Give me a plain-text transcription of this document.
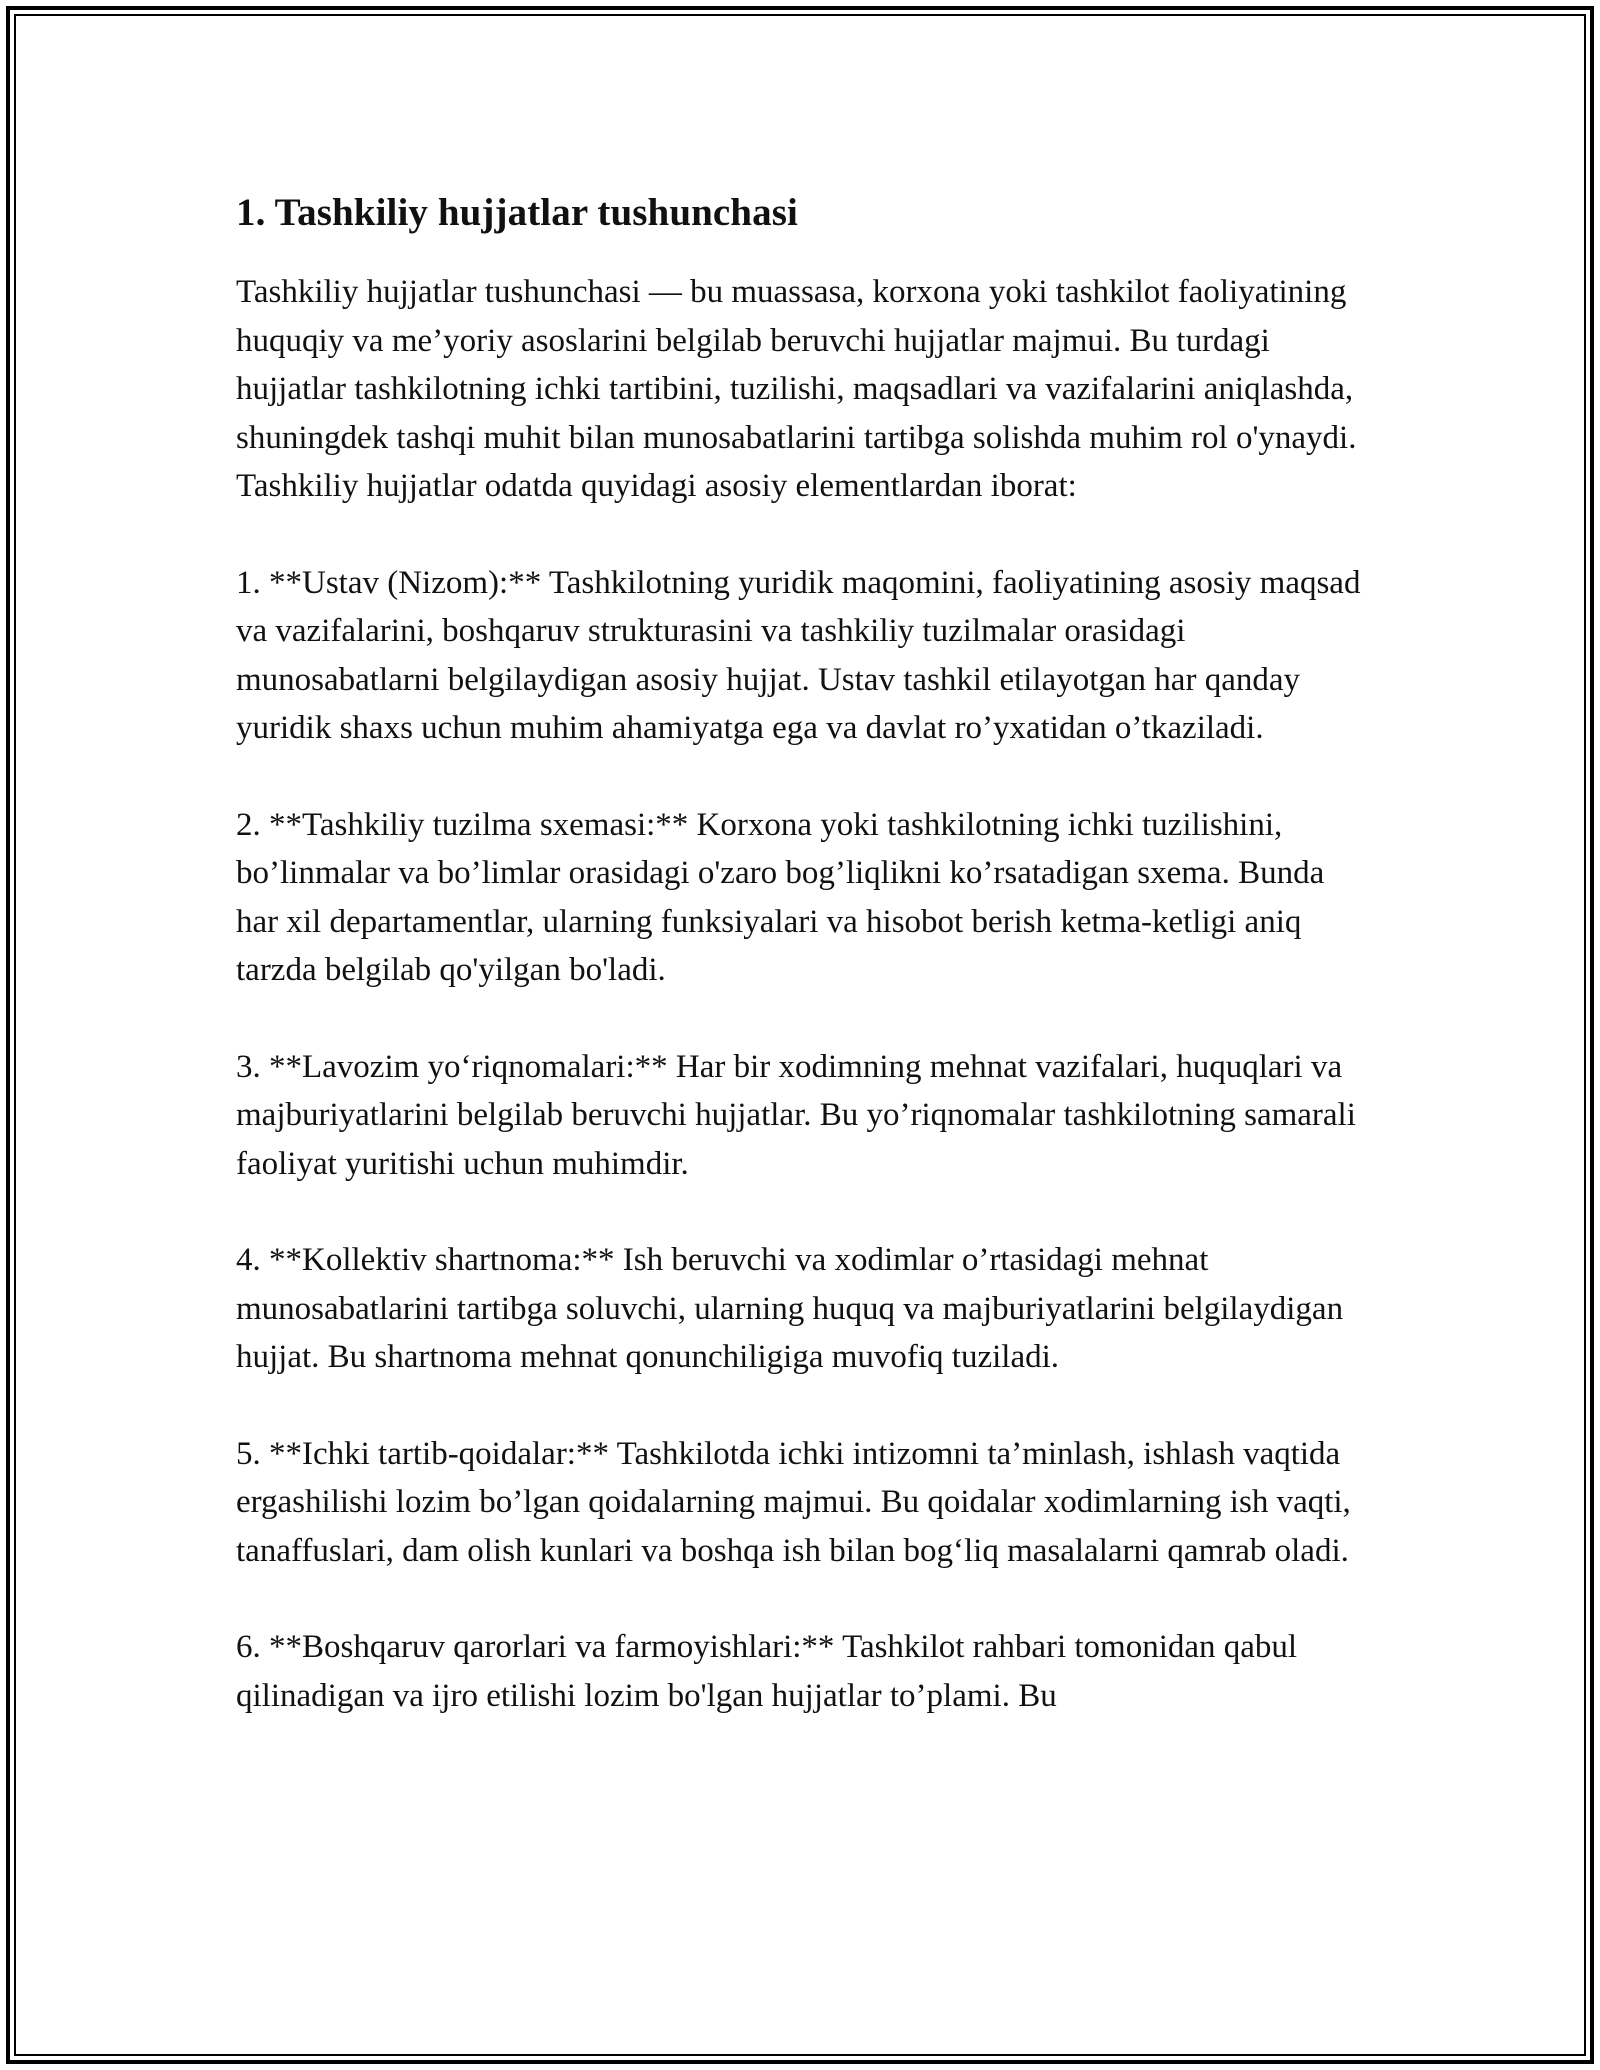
1. Tashkiliy hujjatlar tushunchasi

Tashkiliy hujjatlar tushunchasi — bu muassasa, korxona yoki tashkilot faoliyatining huquqiy va me’yoriy asoslarini belgilab beruvchi hujjatlar majmui. Bu turdagi hujjatlar tashkilotning ichki tartibini, tuzilishi, maqsadlari va vazifalarini aniqlashda, shuningdek tashqi muhit bilan munosabatlarini tartibga solishda muhim rol o'ynaydi. Tashkiliy hujjatlar odatda quyidagi asosiy elementlardan iborat:

1. **Ustav (Nizom):** Tashkilotning yuridik maqomini, faoliyatining asosiy maqsad va vazifalarini, boshqaruv strukturasini va tashkiliy tuzilmalar orasidagi munosabatlarni belgilaydigan asosiy hujjat. Ustav tashkil etilayotgan har qanday yuridik shaxs uchun muhim ahamiyatga ega va davlat ro’yxatidan o’tkaziladi.

2. **Tashkiliy tuzilma sxemasi:** Korxona yoki tashkilotning ichki tuzilishini, bo’linmalar va bo’limlar orasidagi o'zaro bog’liqlikni ko’rsatadigan sxema. Bunda har xil departamentlar, ularning funksiyalari va hisobot berish ketma-ketligi aniq tarzda belgilab qo'yilgan bo'ladi.

3. **Lavozim yo‘riqnomalari:** Har bir xodimning mehnat vazifalari, huquqlari va majburiyatlarini belgilab beruvchi hujjatlar. Bu yo’riqnomalar tashkilotning samarali faoliyat yuritishi uchun muhimdir.

4. **Kollektiv shartnoma:** Ish beruvchi va xodimlar o’rtasidagi mehnat munosabatlarini tartibga soluvchi, ularning huquq va majburiyatlarini belgilaydigan hujjat. Bu shartnoma mehnat qonunchiligiga muvofiq tuziladi.

5. **Ichki tartib-qoidalar:** Tashkilotda ichki intizomni ta’minlash, ishlash vaqtida ergashilishi lozim bo’lgan qoidalarning majmui. Bu qoidalar xodimlarning ish vaqti, tanaffuslari, dam olish kunlari va boshqa ish bilan bog‘liq masalalarni qamrab oladi.

6. **Boshqaruv qarorlari va farmoyishlari:** Tashkilot rahbari tomonidan qabul qilinadigan va ijro etilishi lozim bo'lgan hujjatlar to’plami. Bu
